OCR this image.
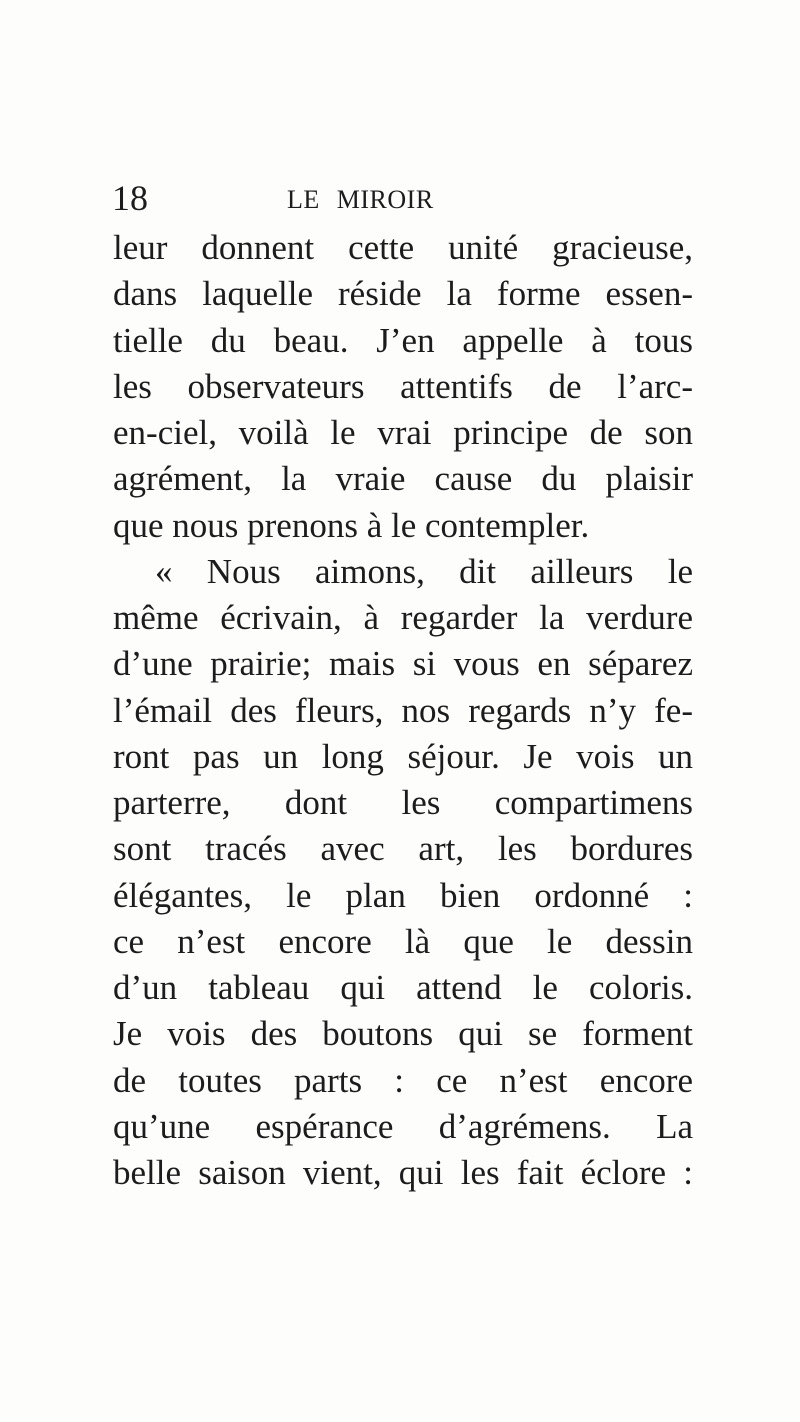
18	LE MIROIR
leur donnent cette unité gracieuse,
dans laquelle réside la forme essen-
tielle du beau. J’en appelle à tous
les observateurs attentifs de l’arc-
en-ciel, voilà le vrai principe de son
agrément, la vraie cause du plaisir
que nous prenons à le contempler.
« Nous aimons, dit ailleurs le
même écrivain, à regarder la verdure
d’une prairie; mais si vous en séparez
l’émail des fleurs, nos regards n’y fe-
ront pas un long séjour. Je vois un
parterre, dont les compartimens
sont tracés avec art, les bordures
élégantes, le plan bien ordonné :
ce n’est encore là que le dessin
d’un tableau qui attend le coloris.
Je vois des boutons qui se forment
de toutes parts : ce n’est encore
qu’une espérance d’agrémens. La
belle saison vient, qui les fait éclore :
